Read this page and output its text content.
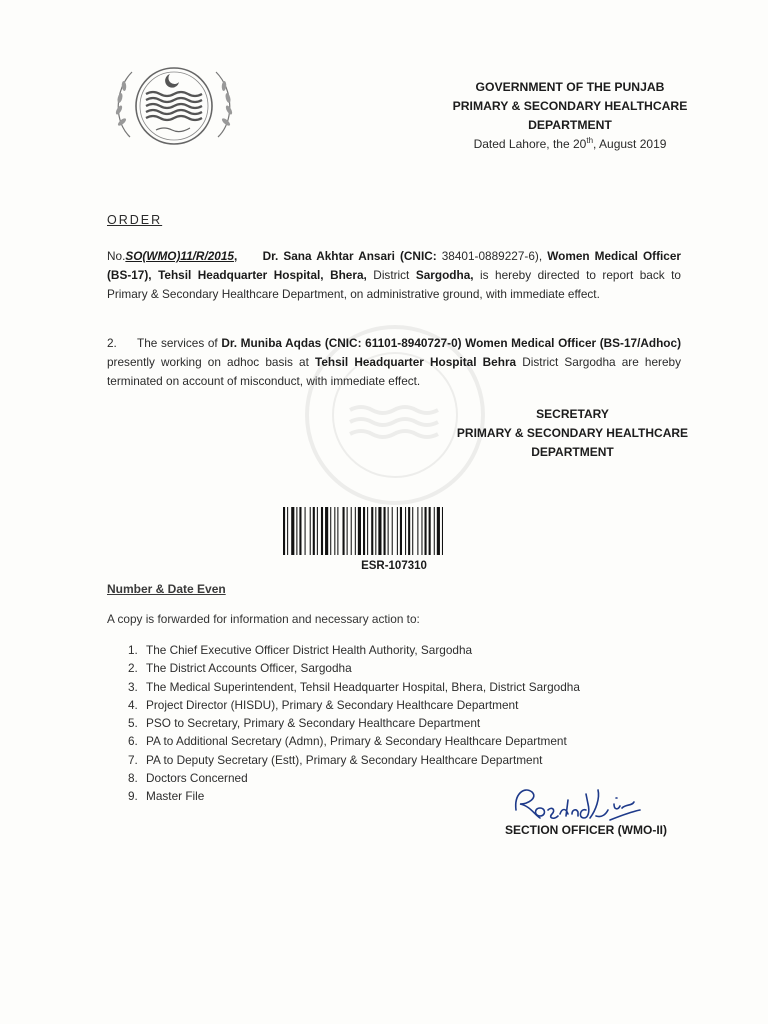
GOVERNMENT OF THE PUNJAB
PRIMARY & SECONDARY HEALTHCARE
DEPARTMENT
Dated Lahore, the 20th, August 2019
ORDER
No.SO(WMO)11/R/2015, Dr. Sana Akhtar Ansari (CNIC: 38401-0889227-6), Women Medical Officer (BS-17), Tehsil Headquarter Hospital, Bhera, District Sargodha, is hereby directed to report back to Primary & Secondary Healthcare Department, on administrative ground, with immediate effect.
2. The services of Dr. Muniba Aqdas (CNIC: 61101-8940727-0) Women Medical Officer (BS-17/Adhoc) presently working on adhoc basis at Tehsil Headquarter Hospital Behra District Sargodha are hereby terminated on account of misconduct, with immediate effect.
SECRETARY
PRIMARY & SECONDARY HEALTHCARE
DEPARTMENT
ESR-107310
Number & Date Even
A copy is forwarded for information and necessary action to:
1. The Chief Executive Officer District Health Authority, Sargodha
2. The District Accounts Officer, Sargodha
3. The Medical Superintendent, Tehsil Headquarter Hospital, Bhera, District Sargodha
4. Project Director (HISDU), Primary & Secondary Healthcare Department
5. PSO to Secretary, Primary & Secondary Healthcare Department
6. PA to Additional Secretary (Admn), Primary & Secondary Healthcare Department
7. PA to Deputy Secretary (Estt), Primary & Secondary Healthcare Department
8. Doctors Concerned
9. Master File
SECTION OFFICER (WMO-II)
